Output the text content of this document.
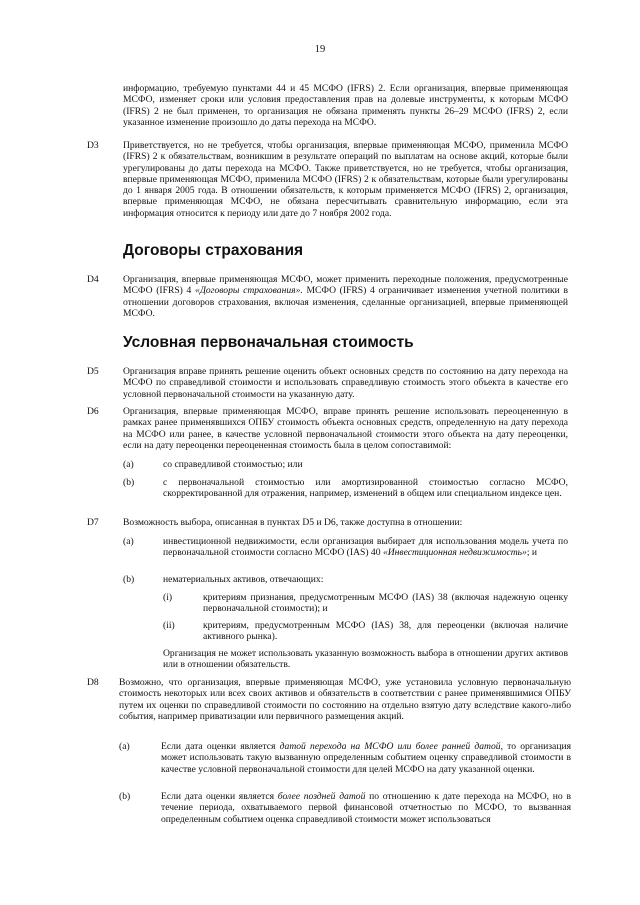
19
информацию, требуемую пунктами 44 и 45 МСФО (IFRS) 2. Если организация, впервые применяющая МСФО, изменяет сроки или условия предоставления прав на долевые инструменты, к которым МСФО (IFRS) 2 не был применен, то организация не обязана применять пункты 26–29 МСФО (IFRS) 2, если указанное изменение произошло до даты перехода на МСФО.
D3	Приветствуется, но не требуется, чтобы организация, впервые применяющая МСФО, применила МСФО (IFRS) 2 к обязательствам, возникшим в результате операций по выплатам на основе акций, которые были урегулированы до даты перехода на МСФО. Также приветствуется, но не требуется, чтобы организация, впервые применяющая МСФО, применила МСФО (IFRS) 2 к обязательствам, которые были урегулированы до 1 января 2005 года. В отношении обязательств, к которым применяется МСФО (IFRS) 2, организация, впервые применяющая МСФО, не обязана пересчитывать сравнительную информацию, если эта информация относится к периоду или дате до 7 ноября 2002 года.
Договоры страхования
D4	Организация, впервые применяющая МСФО, может применить переходные положения, предусмотренные МСФО (IFRS) 4 «Договоры страхования». МСФО (IFRS) 4 ограничивает изменения учетной политики в отношении договоров страхования, включая изменения, сделанные организацией, впервые применяющей МСФО.
Условная первоначальная стоимость
D5	Организация вправе принять решение оценить объект основных средств по состоянию на дату перехода на МСФО по справедливой стоимости и использовать справедливую стоимость этого объекта в качестве его условной первоначальной стоимости на указанную дату.
D6	Организация, впервые применяющая МСФО, вправе принять решение использовать переоцененную в рамках ранее применявшихся ОПБУ стоимость объекта основных средств, определенную на дату перехода на МСФО или ранее, в качестве условной первоначальной стоимости этого объекта на дату переоценки, если на дату переоценки переоцененная стоимость была в целом сопоставимой:
(a)	со справедливой стоимостью; или
(b)	с первоначальной стоимостью или амортизированной стоимостью согласно МСФО, скорректированной для отражения, например, изменений в общем или специальном индексе цен.
D7	Возможность выбора, описанная в пунктах D5 и D6, также доступна в отношении:
(a)	инвестиционной недвижимости, если организация выбирает для использования модель учета по первоначальной стоимости согласно МСФО (IAS) 40 «Инвестиционная недвижимость»; и
(b)	нематериальных активов, отвечающих:
(i)	критериям признания, предусмотренным МСФО (IAS) 38 (включая надежную оценку первоначальной стоимости); и
(ii)	критериям, предусмотренным МСФО (IAS) 38, для переоценки (включая наличие активного рынка).
Организация не может использовать указанную возможность выбора в отношении других активов или в отношении обязательств.
D8 Возможно, что организация, впервые применяющая МСФО, уже установила условную первоначальную стоимость некоторых или всех своих активов и обязательств в соответствии с ранее применявшимися ОПБУ путем их оценки по справедливой стоимости по состоянию на отдельно взятую дату вследствие какого-либо события, например приватизации или первичного размещения акций.
(a)	Если дата оценки является датой перехода на МСФО или более ранней датой, то организация может использовать такую вызванную определенным событием оценку справедливой стоимости в качестве условной первоначальной стоимости для целей МСФО на дату указанной оценки.
(b)	Если дата оценки является более поздней датой по отношению к дате перехода на МСФО, но в течение периода, охватываемого первой финансовой отчетностью по МСФО, то вызванная определенным событием оценка справедливой стоимости может использоваться
